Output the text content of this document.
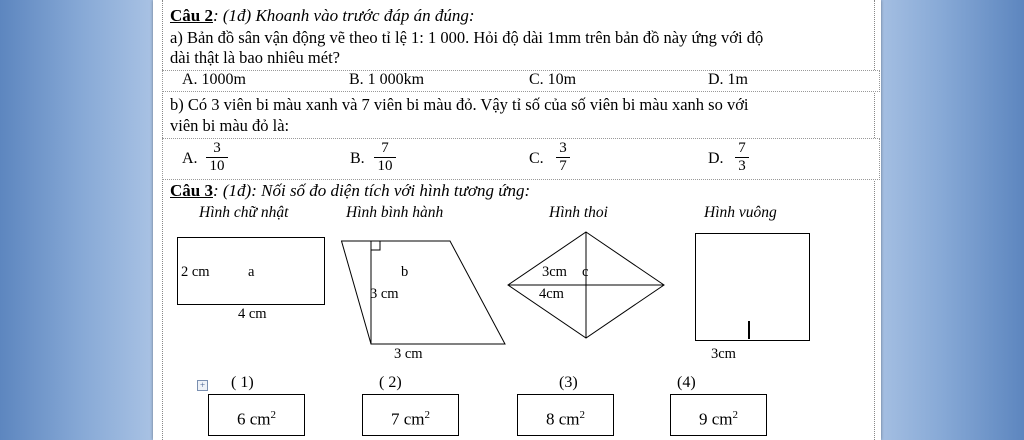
Câu 2: (1đ) Khoanh vào trước đáp án đúng:
a) Bản đồ sân vận động vẽ theo tỉ lệ 1: 1 000. Hỏi độ dài 1mm trên bản đồ này ứng với độ
dài thật là bao nhiêu mét?
A. 1000m	B. 1 000km	C. 10m	D. 1m
b) Có 3 viên bi màu xanh và 7 viên bi màu đỏ. Vậy tỉ số của số viên bi màu xanh so với
viên bi màu đỏ là:
A.
3
10	B.
7
10	C.
3
7	D.
7
3
Câu 3: (1đ): Nối số đo diện tích với hình tương ứng:
Hình chữ nhật	Hình bình hành	Hình thoi	Hình vuông
2 cm	a
4 cm
b
3 cm
3 cm
3cm c
4cm
3cm
+ ( 1)	( 2)	(3)	(4)
6 $cm^2$	7 $cm^2$	8 $cm^2$	9 $cm^2$
